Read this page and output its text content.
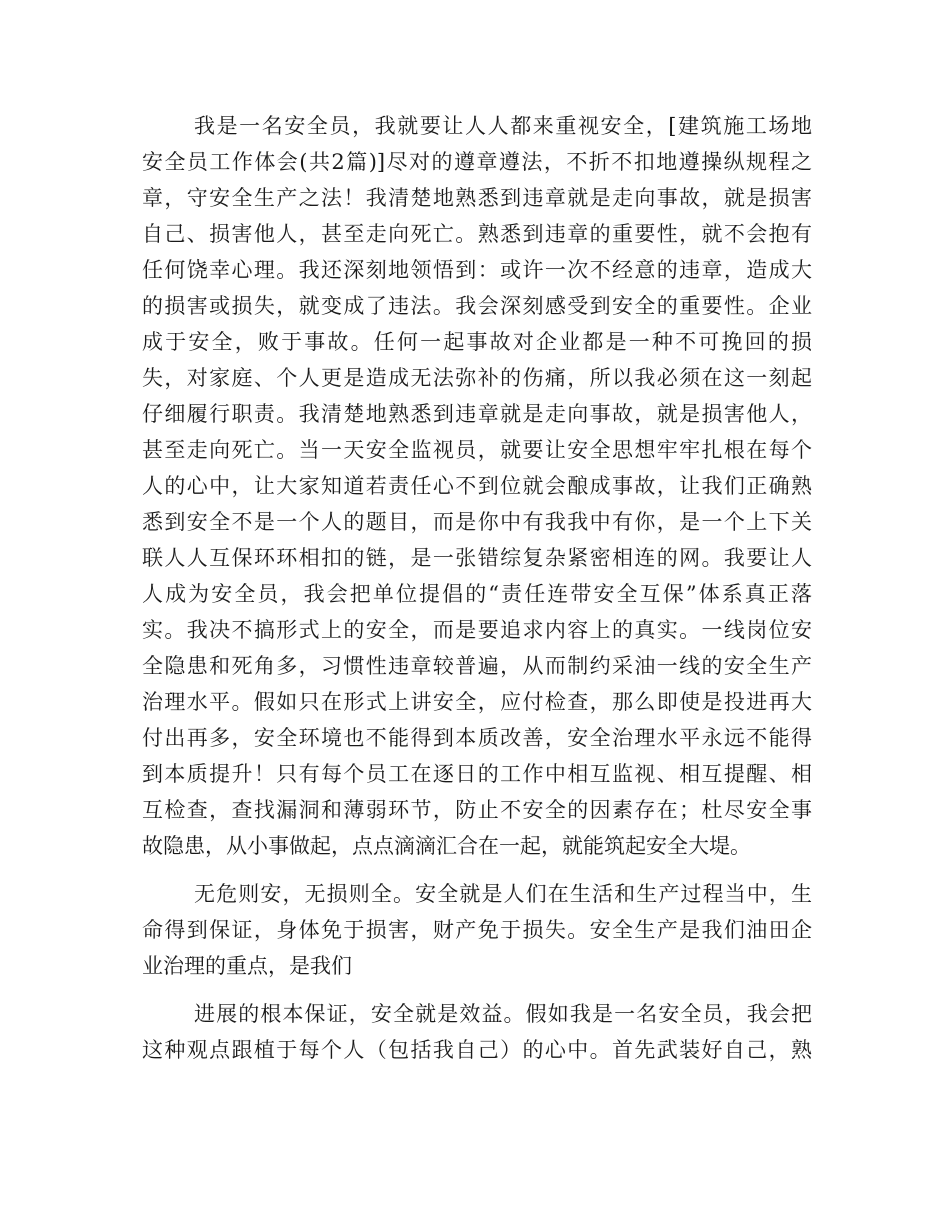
我是一名安全员，我就要让人人都来重视安全，[建筑施工场地
安全员工作体会(共2篇)]尽对的遵章遵法，不折不扣地遵操纵规程之
章，守安全生产之法！我清楚地熟悉到违章就是走向事故，就是损害
自己、损害他人，甚至走向死亡。熟悉到违章的重要性，就不会抱有
任何饶幸心理。我还深刻地领悟到：或许一次不经意的违章，造成大
的损害或损失，就变成了违法。我会深刻感受到安全的重要性。企业
成于安全，败于事故。任何一起事故对企业都是一种不可挽回的损
失，对家庭、个人更是造成无法弥补的伤痛，所以我必须在这一刻起
仔细履行职责。我清楚地熟悉到违章就是走向事故，就是损害他人，
甚至走向死亡。当一天安全监视员，就要让安全思想牢牢扎根在每个
人的心中，让大家知道若责任心不到位就会酿成事故，让我们正确熟
悉到安全不是一个人的题目，而是你中有我我中有你，是一个上下关
联人人互保环环相扣的链，是一张错综复杂紧密相连的网。我要让人
人成为安全员，我会把单位提倡的“责任连带安全互保”体系真正落
实。我决不搞形式上的安全，而是要追求内容上的真实。一线岗位安
全隐患和死角多，习惯性违章较普遍，从而制约采油一线的安全生产
治理水平。假如只在形式上讲安全，应付检查，那么即使是投进再大
付出再多，安全环境也不能得到本质改善，安全治理水平永远不能得
到本质提升！只有每个员工在逐日的工作中相互监视、相互提醒、相
互检查，查找漏洞和薄弱环节，防止不安全的因素存在；杜尽安全事
故隐患，从小事做起，点点滴滴汇合在一起，就能筑起安全大堤。
无危则安，无损则全。安全就是人们在生活和生产过程当中，生
命得到保证，身体免于损害，财产免于损失。安全生产是我们油田企
业治理的重点，是我们
进展的根本保证，安全就是效益。假如我是一名安全员，我会把
这种观点跟植于每个人（包括我自己）的心中。首先武装好自己，熟
